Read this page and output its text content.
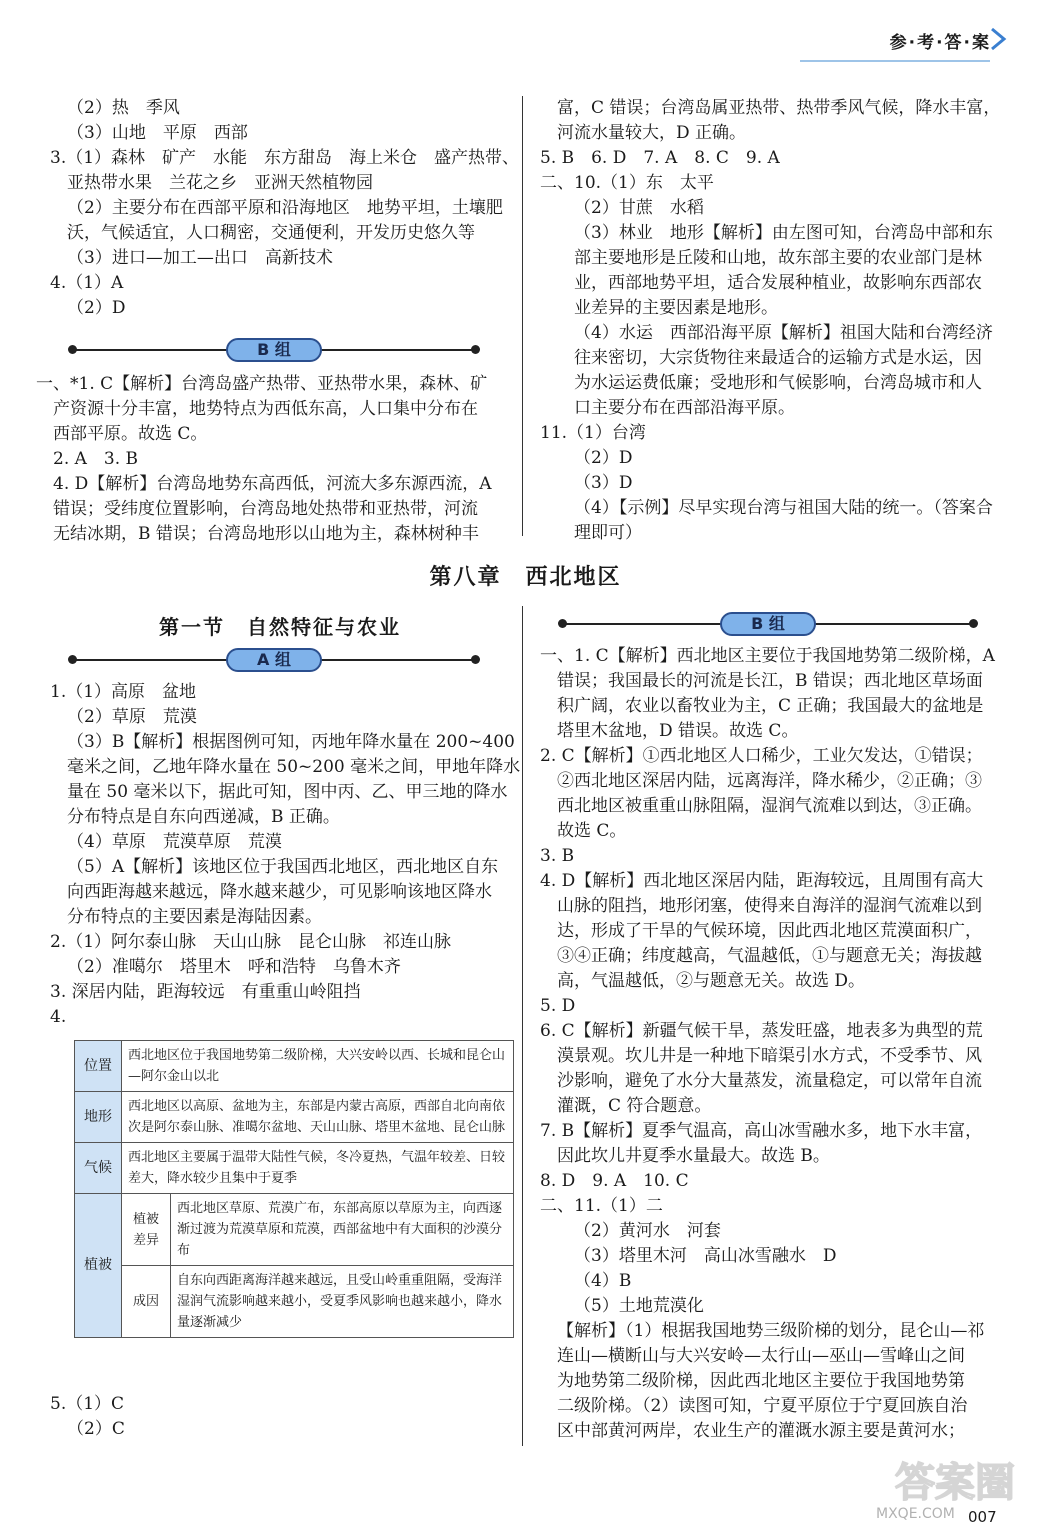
参·考·答·案

（2）热　季风

（3）山地　平原　西部

3.（1）森林　矿产　水能　东方甜岛　海上米仓　盛产热带、

亚热带水果　兰花之乡　亚洲天然植物园

（2）主要分布在西部平原和沿海地区　地势平坦，土壤肥

沃，气候适宜，人口稠密，交通便利，开发历史悠久等

（3）进口—加工—出口　高新技术

4.（1）A

（2）D

B 组

一、*1. C【解析】台湾岛盛产热带、亚热带水果，森林、矿

产资源十分丰富，地势特点为西低东高，人口集中分布在

西部平原。故选 C。

2. A　3. B

4. D【解析】台湾岛地势东高西低，河流大多东源西流，A

错误；受纬度位置影响，台湾岛地处热带和亚热带，河流

无结冰期，B 错误；台湾岛地形以山地为主，森林树种丰

富，C 错误；台湾岛属亚热带、热带季风气候，降水丰富，

河流水量较大，D 正确。

5. B　6. D　7. A　8. C　9. A

二、10.（1）东　太平

（2）甘蔗　水稻

（3）林业　地形【解析】由左图可知，台湾岛中部和东

部主要地形是丘陵和山地，故东部主要的农业部门是林

业，西部地势平坦，适合发展种植业，故影响东西部农

业差异的主要因素是地形。

（4）水运　西部沿海平原【解析】祖国大陆和台湾经济

往来密切，大宗货物往来最适合的运输方式是水运，因

为水运运费低廉；受地形和气候影响，台湾岛城市和人

口主要分布在西部沿海平原。

11.（1）台湾

（2）D

（3）D

（4）【示例】尽早实现台湾与祖国大陆的统一。（答案合

理即可）

第八章　西北地区
第一节　自然特征与农业
A 组
B 组

1.（1）高原　盆地

（2）草原　荒漠

（3）B【解析】根据图例可知，丙地年降水量在 200~400

毫米之间，乙地年降水量在 50~200 毫米之间，甲地年降水

量在 50 毫米以下，据此可知，图中丙、乙、甲三地的降水

分布特点是自东向西递减，B 正确。

（4）草原　荒漠草原　荒漠

（5）A【解析】该地区位于我国西北地区，西北地区自东

向西距海越来越远，降水越来越少，可见影响该地区降水

分布特点的主要因素是海陆因素。

2.（1）阿尔泰山脉　天山山脉　昆仑山脉　祁连山脉

（2）准噶尔　塔里木　呼和浩特　乌鲁木齐

3. 深居内陆，距海较远　有重重山岭阻挡

4.

位置	西北地区位于我国地势第二级阶梯，大兴安岭以西、长城和昆仑山—阿尔金山以北	
地形	西北地区以高原、盆地为主，东部是内蒙古高原，西部自北向南依次是阿尔泰山脉、准噶尔盆地、天山山脉、塔里木盆地、昆仑山脉	
气候	西北地区主要属于温带大陆性气候，冬冷夏热，气温年较差、日较差大，降水较少且集中于夏季	
植被	植被差异	西北地区草原、荒漠广布，东部高原以草原为主，向西逐渐过渡为荒漠草原和荒漠，西部盆地中有大面积的沙漠分布
	成因	自东向西距离海洋越来越远，且受山岭重重阻隔，受海洋湿润气流影响越来越小，受夏季风影响也越来越小，降水量逐渐减少

5.（1）C

（2）C

一、1. C【解析】西北地区主要位于我国地势第二级阶梯，A

错误；我国最长的河流是长江，B 错误；西北地区草场面

积广阔，农业以畜牧业为主，C 正确；我国最大的盆地是

塔里木盆地，D 错误。故选 C。

2. C【解析】①西北地区人口稀少，工业欠发达，①错误；

②西北地区深居内陆，远离海洋，降水稀少，②正确；③

西北地区被重重山脉阻隔，湿润气流难以到达，③正确。

故选 C。

3. B

4. D【解析】西北地区深居内陆，距海较远，且周围有高大

山脉的阻挡，地形闭塞，使得来自海洋的湿润气流难以到

达，形成了干旱的气候环境，因此西北地区荒漠面积广，

③④正确；纬度越高，气温越低，①与题意无关；海拔越

高，气温越低，②与题意无关。故选 D。

5. D

6. C【解析】新疆气候干旱，蒸发旺盛，地表多为典型的荒

漠景观。坎儿井是一种地下暗渠引水方式，不受季节、风

沙影响，避免了水分大量蒸发，流量稳定，可以常年自流

灌溉，C 符合题意。

7. B【解析】夏季气温高，高山冰雪融水多，地下水丰富，

因此坎儿井夏季水量最大。故选 B。

8. D　9. A　10. C

二、11.（1）二

（2）黄河水　河套

（3）塔里木河　高山冰雪融水　D

（4）B

（5）土地荒漠化

【解析】（1）根据我国地势三级阶梯的划分，昆仑山—祁

连山—横断山与大兴安岭—太行山—巫山—雪峰山之间

为地势第二级阶梯，因此西北地区主要位于我国地势第

二级阶梯。（2）读图可知，宁夏平原位于宁夏回族自治

区中部黄河两岸，农业生产的灌溉水源主要是黄河水；

007
答案圈
MXQE.COM
